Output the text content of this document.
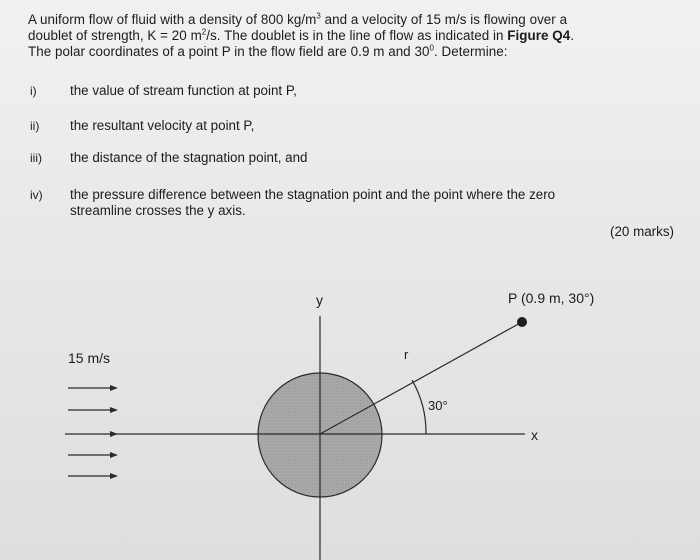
A uniform flow of fluid with a density of 800 $kg/m^3$ and a velocity of 15 m/s is flowing over a
doublet of strength, K = 20 $m^2/s$. The doublet is in the line of flow as indicated in Figure Q4.
The polar coordinates of a point P in the flow field are 0.9 m and $30^0$. Determine:
i)	the value of stream function at point P,
ii)	the resultant velocity at point P,
iii)	the distance of the stagnation point, and
iv)	the pressure difference between the stagnation point and the point where the zero
streamline crosses the y axis.
(20 marks)
y
x
r
30°
P (0.9 m, 30°)
15 m/s
